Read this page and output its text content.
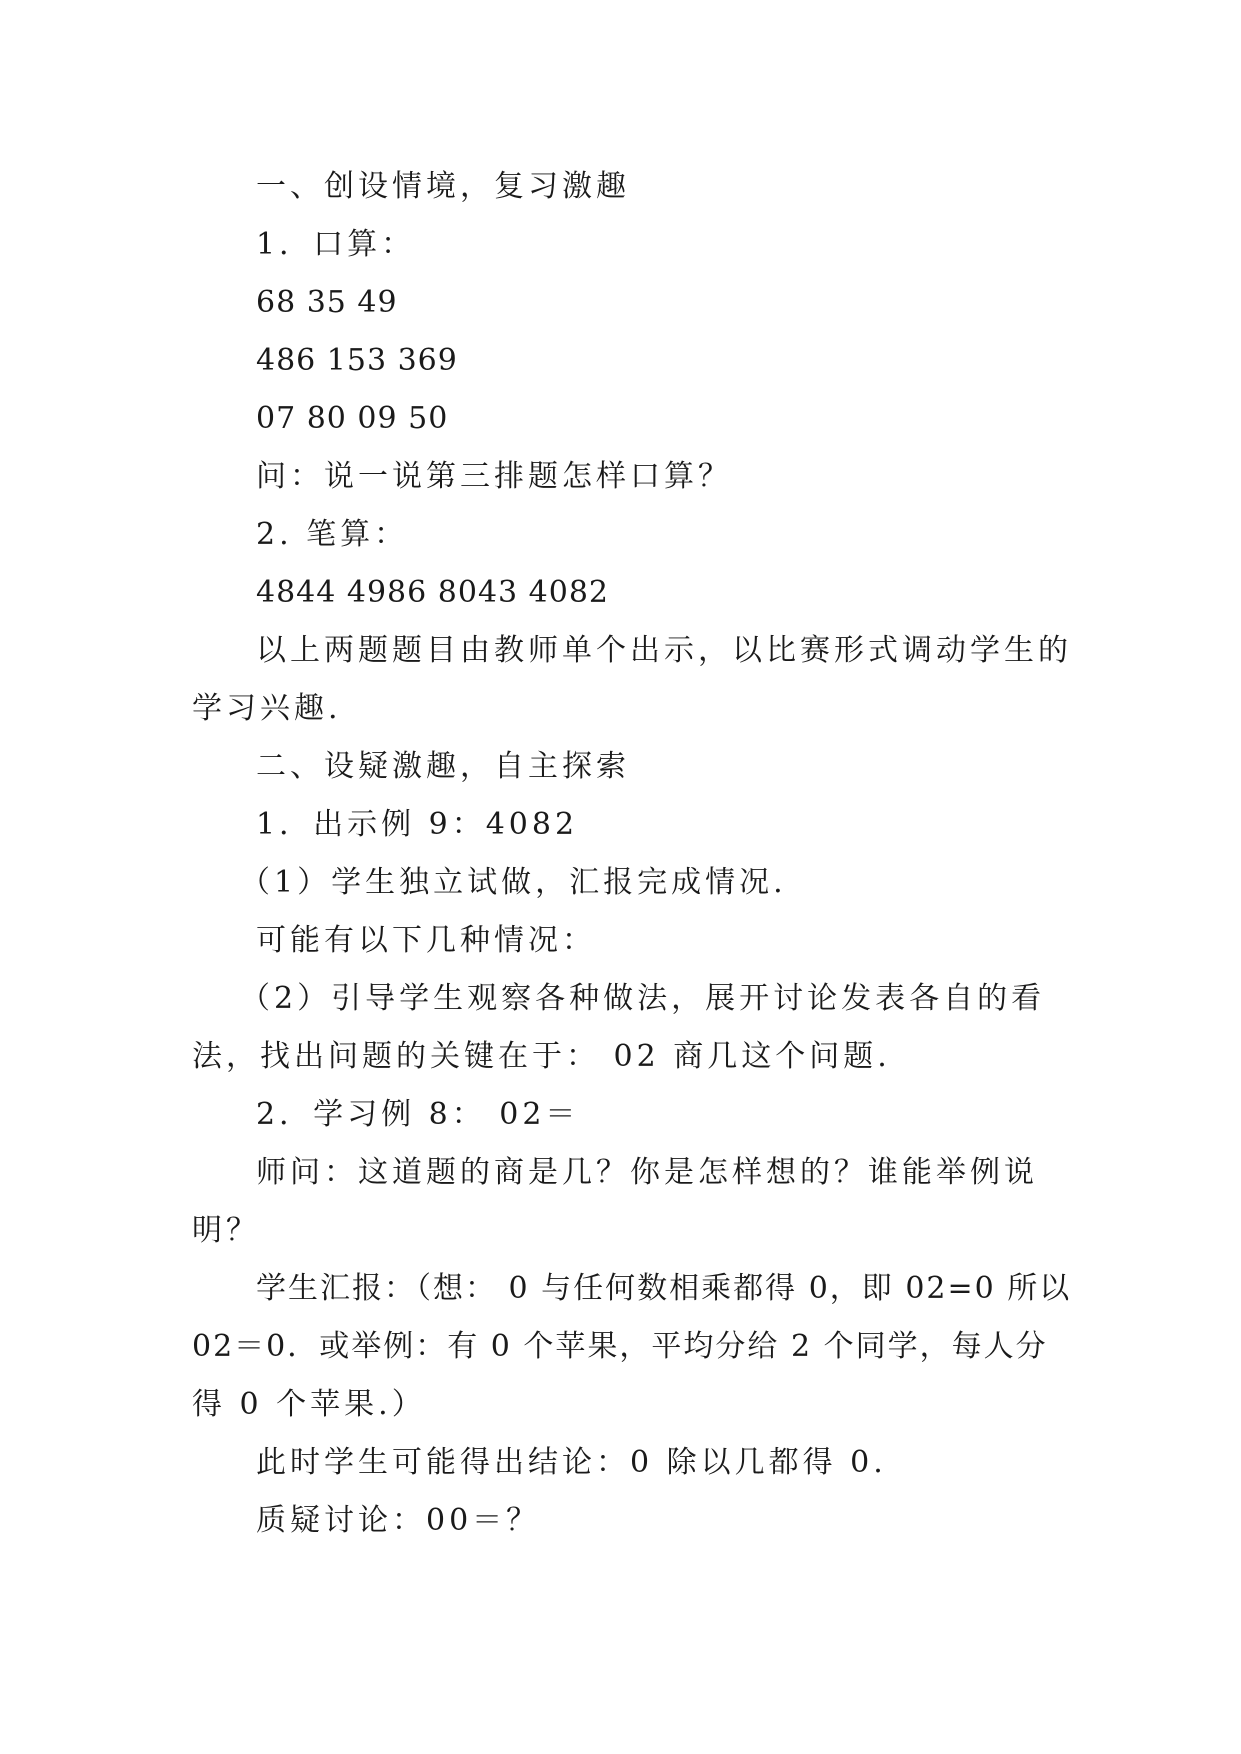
一、创设情境，复习激趣
1．口算：
68 35 49
486 153 369
07 80 09 50
问：说一说第三排题怎样口算？
2. 笔算：
4844 4986 8043 4082
以上两题题目由教师单个出示，以比赛形式调动学生的
学习兴趣.
二、设疑激趣，自主探索
1．出示例 9：4082
（1）学生独立试做，汇报完成情况.
可能有以下几种情况：
（2）引导学生观察各种做法，展开讨论发表各自的看
法，找出问题的关键在于： 02 商几这个问题.
2．学习例 8： 02＝
师问：这道题的商是几？你是怎样想的？谁能举例说
明？
学生汇报：（想： 0 与任何数相乘都得 0，即 02=0 所以
02＝0．或举例：有 0 个苹果，平均分给 2 个同学，每人分
得 0 个苹果.）
此时学生可能得出结论：0 除以几都得 0.
质疑讨论：00＝？
